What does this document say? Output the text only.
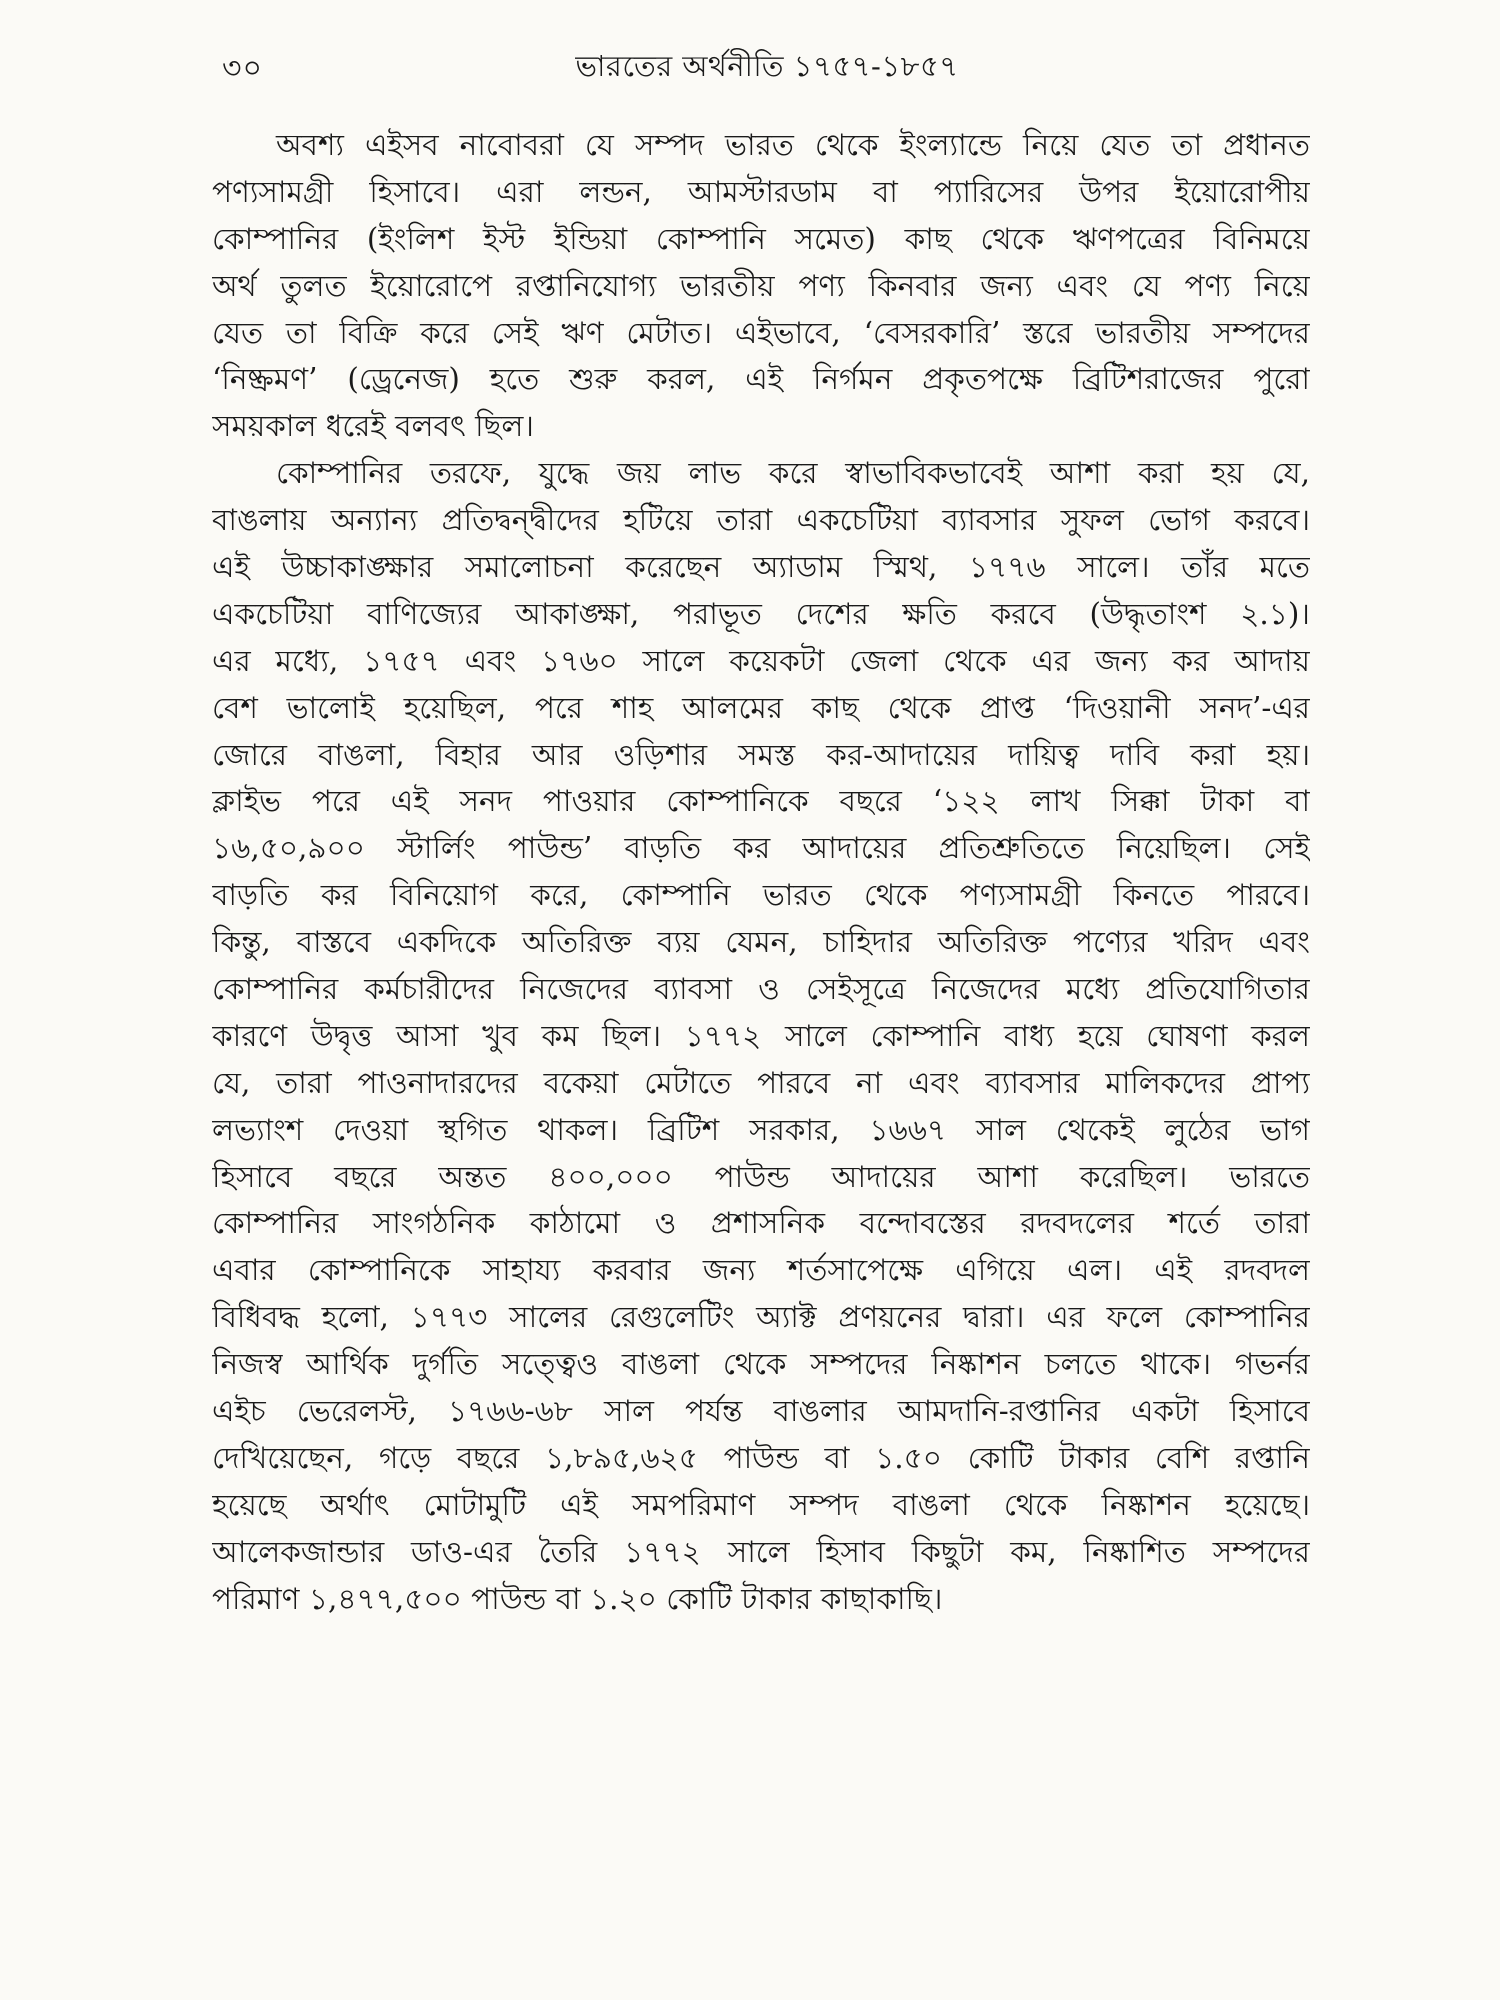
৩০	ভারতের অর্থনীতি ১৭৫৭-১৮৫৭
অবশ্য এইসব নাবোবরা যে সম্পদ ভারত থেকে ইংল্যান্ডে নিয়ে যেত তা প্রধানত
পণ্যসামগ্রী হিসাবে। এরা লন্ডন, আমস্টারডাম বা প্যারিসের উপর ইয়োরোপীয়
কোম্পানির (ইংলিশ ইস্ট ইন্ডিয়া কোম্পানি সমেত) কাছ থেকে ঋণপত্রের বিনিময়ে
অর্থ তুলত ইয়োরোপে রপ্তানিযোগ্য ভারতীয় পণ্য কিনবার জন্য এবং যে পণ্য নিয়ে
যেত তা বিক্রি করে সেই ঋণ মেটাত। এইভাবে, ‘বেসরকারি’ স্তরে ভারতীয় সম্পদের
‘নিষ্ক্রমণ’ (ড্রেনেজ) হতে শুরু করল, এই নির্গমন প্রকৃতপক্ষে ব্রিটিশরাজের পুরো
সময়কাল ধরেই বলবৎ ছিল।
কোম্পানির তরফে, যুদ্ধে জয় লাভ করে স্বাভাবিকভাবেই আশা করা হয় যে,
বাঙলায় অন্যান্য প্রতিদ্বন্দ্বীদের হটিয়ে তারা একচেটিয়া ব্যাবসার সুফল ভোগ করবে।
এই উচ্চাকাঙ্ক্ষার সমালোচনা করেছেন অ্যাডাম স্মিথ, ১৭৭৬ সালে। তাঁর মতে
একচেটিয়া বাণিজ্যের আকাঙ্ক্ষা, পরাভূত দেশের ক্ষতি করবে (উদ্ধৃতাংশ ২.১)।
এর মধ্যে, ১৭৫৭ এবং ১৭৬০ সালে কয়েকটা জেলা থেকে এর জন্য কর আদায়
বেশ ভালোই হয়েছিল, পরে শাহ আলমের কাছ থেকে প্রাপ্ত ‘দিওয়ানী সনদ’-এর
জোরে বাঙলা, বিহার আর ওড়িশার সমস্ত কর-আদায়ের দায়িত্ব দাবি করা হয়।
ক্লাইভ পরে এই সনদ পাওয়ার কোম্পানিকে বছরে ‘১২২ লাখ সিক্কা টাকা বা
১৬,৫০,৯০০ স্টার্লিং পাউন্ড’ বাড়তি কর আদায়ের প্রতিশ্রুতিতে নিয়েছিল। সেই
বাড়তি কর বিনিয়োগ করে, কোম্পানি ভারত থেকে পণ্যসামগ্রী কিনতে পারবে।
কিন্তু, বাস্তবে একদিকে অতিরিক্ত ব্যয় যেমন, চাহিদার অতিরিক্ত পণ্যের খরিদ এবং
কোম্পানির কর্মচারীদের নিজেদের ব্যাবসা ও সেইসূত্রে নিজেদের মধ্যে প্রতিযোগিতার
কারণে উদ্বৃত্ত আসা খুব কম ছিল। ১৭৭২ সালে কোম্পানি বাধ্য হয়ে ঘোষণা করল
যে, তারা পাওনাদারদের বকেয়া মেটাতে পারবে না এবং ব্যাবসার মালিকদের প্রাপ্য
লভ্যাংশ দেওয়া স্থগিত থাকল। ব্রিটিশ সরকার, ১৬৬৭ সাল থেকেই লুঠের ভাগ
হিসাবে বছরে অন্তত ৪০০,০০০ পাউন্ড আদায়ের আশা করেছিল। ভারতে
কোম্পানির সাংগঠনিক কাঠামো ও প্রশাসনিক বন্দোবস্তের রদবদলের শর্তে তারা
এবার কোম্পানিকে সাহায্য করবার জন্য শর্তসাপেক্ষে এগিয়ে এল। এই রদবদল
বিধিবদ্ধ হলো, ১৭৭৩ সালের রেগুলেটিং অ্যাক্ট প্রণয়নের দ্বারা। এর ফলে কোম্পানির
নিজস্ব আর্থিক দুর্গতি সত্ত্বেও বাঙলা থেকে সম্পদের নিষ্কাশন চলতে থাকে। গভর্নর
এইচ ভেরেলস্ট, ১৭৬৬-৬৮ সাল পর্যন্ত বাঙলার আমদানি-রপ্তানির একটা হিসাবে
দেখিয়েছেন, গড়ে বছরে ১,৮৯৫,৬২৫ পাউন্ড বা ১.৫০ কোটি টাকার বেশি রপ্তানি
হয়েছে অর্থাৎ মোটামুটি এই সমপরিমাণ সম্পদ বাঙলা থেকে নিষ্কাশন হয়েছে।
আলেকজান্ডার ডাও-এর তৈরি ১৭৭২ সালে হিসাব কিছুটা কম, নিষ্কাশিত সম্পদের
পরিমাণ ১,৪৭৭,৫০০ পাউন্ড বা ১.২০ কোটি টাকার কাছাকাছি।
